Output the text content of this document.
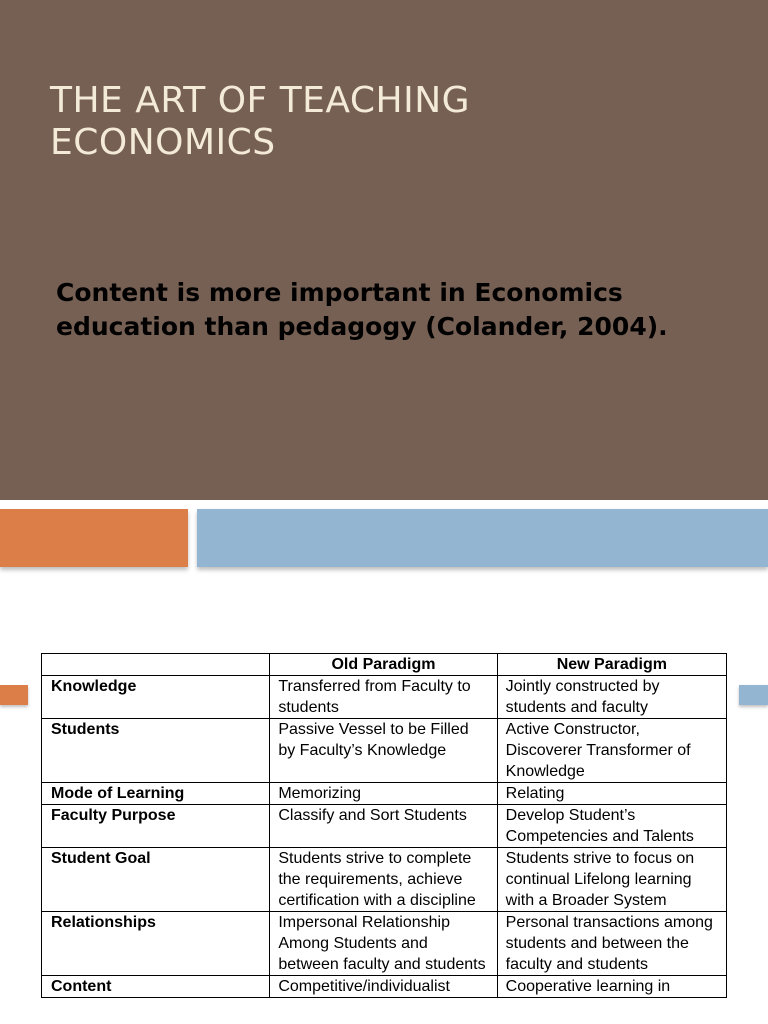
THE ART OF TEACHING
ECONOMICS

Content is more important in Economics education than pedagogy (Colander, 2004).

	Old Paradigm	New Paradigm
Knowledge	Transferred from Faculty to students	Jointly constructed by students and faculty
Students	Passive Vessel to be Filled by Faculty’s Knowledge	Active Constructor, Discoverer Transformer of Knowledge
Mode of Learning	Memorizing	Relating
Faculty Purpose	Classify and Sort Students	Develop Student’s Competencies and Talents
Student Goal	Students strive to complete the requirements, achieve certification with a discipline	Students strive to focus on continual Lifelong learning with a Broader System
Relationships	Impersonal Relationship Among Students and between faculty and students	Personal transactions among students and between the faculty and students
Content	Competitive/individualist	Cooperative learning in
